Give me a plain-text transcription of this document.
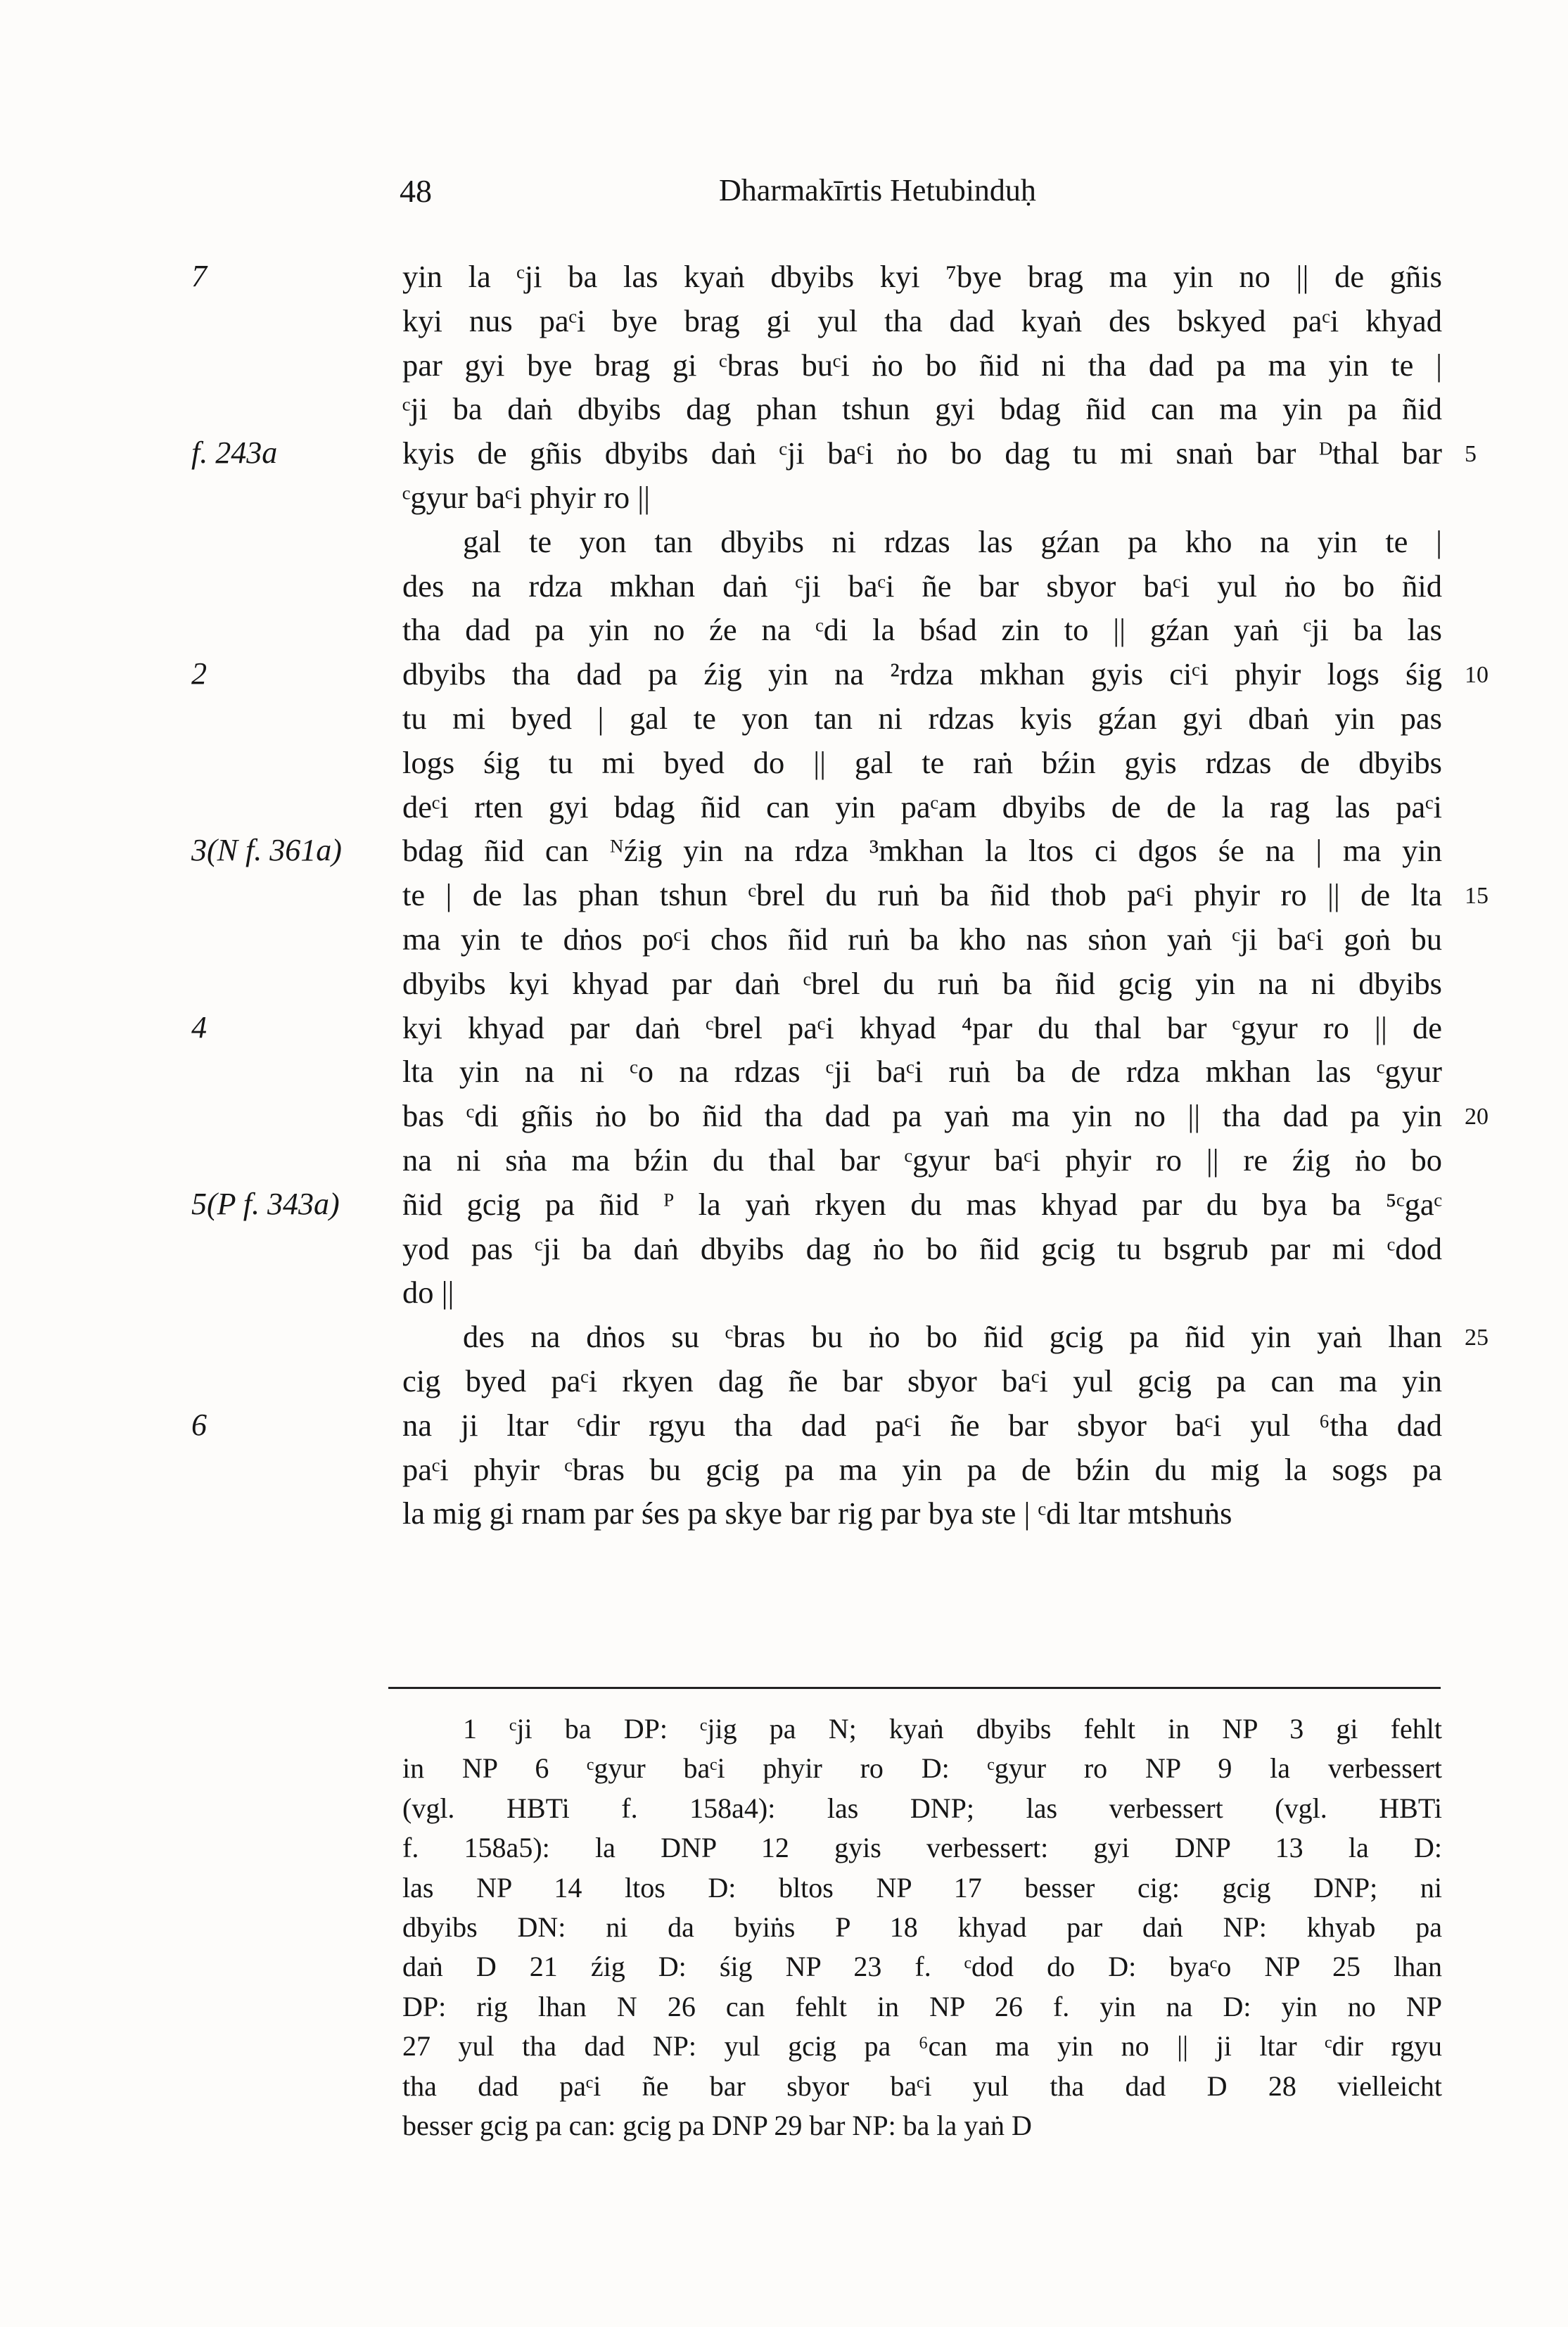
48	Dharmakīrtis Hetubinduḥ
7	yin la ᶜji ba las kyaṅ dbyibs kyi ⁷bye brag ma yin no || de gñis
kyi nus paᶜi bye brag gi yul tha dad kyaṅ des bskyed paᶜi khyad
par gyi bye brag gi ᶜbras buᶜi ṅo bo ñid ni tha dad pa ma yin te |
ᶜji ba daṅ dbyibs dag phan tshun gyi bdag ñid can ma yin pa ñid
f. 243a	kyis de gñis dbyibs daṅ ᶜji baᶜi ṅo bo dag tu mi snaṅ bar ᴰthal bar 5
ᶜgyur baᶜi phyir ro ||
gal te yon tan dbyibs ni rdzas las gźan pa kho na yin te |
des na rdza mkhan daṅ ᶜji baᶜi ñe bar sbyor baᶜi yul ṅo bo ñid
tha dad pa yin no źe na ᶜdi la bśad zin to || gźan yaṅ ᶜji ba las
2	dbyibs tha dad pa źig yin na ²rdza mkhan gyis ciᶜi phyir logs śig 10
tu mi byed | gal te yon tan ni rdzas kyis gźan gyi dbaṅ yin pas
logs śig tu mi byed do || gal te raṅ bźin gyis rdzas de dbyibs
deᶜi rten gyi bdag ñid can yin paᶜam dbyibs de de la rag las paᶜi
3(N f. 361a) bdag ñid can ᴺźig yin na rdza ³mkhan la ltos ci dgos śe na | ma yin
te | de las phan tshun ᶜbrel du ruṅ ba ñid thob paᶜi phyir ro || de lta 15
ma yin te dṅos poᶜi chos ñid ruṅ ba kho nas sṅon yaṅ ᶜji baᶜi goṅ bu
dbyibs kyi khyad par daṅ ᶜbrel du ruṅ ba ñid gcig yin na ni dbyibs
4	kyi khyad par daṅ ᶜbrel paᶜi khyad ⁴par du thal bar ᶜgyur ro || de
lta yin na ni ᶜo na rdzas ᶜji baᶜi ruṅ ba de rdza mkhan las ᶜgyur
bas ᶜdi gñis ṅo bo ñid tha dad pa yaṅ ma yin no || tha dad pa yin 20
na ni sṅa ma bźin du thal bar ᶜgyur baᶜi phyir ro || re źig ṅo bo
5(P f. 343a) ñid gcig pa ñid ᴾ la yaṅ rkyen du mas khyad par du bya ba ⁵ᶜgaᶜ
yod pas ᶜji ba daṅ dbyibs dag ṅo bo ñid gcig tu bsgrub par mi ᶜdod
do ||
des na dṅos su ᶜbras bu ṅo bo ñid gcig pa ñid yin yaṅ lhan 25
cig byed paᶜi rkyen dag ñe bar sbyor baᶜi yul gcig pa can ma yin
6	na ji ltar ᶜdir rgyu tha dad paᶜi ñe bar sbyor baᶜi yul ⁶tha dad
paᶜi phyir ᶜbras bu gcig pa ma yin pa de bźin du mig la sogs pa
la mig gi rnam par śes pa skye bar rig par bya ste | ᶜdi ltar mtshuṅs
1 ᶜji ba DP: ᶜjig pa N; kyaṅ dbyibs fehlt in NP 3 gi fehlt
in NP 6 ᶜgyur baᶜi phyir ro D: ᶜgyur ro NP 9 la verbessert
(vgl. HBTi f. 158a4): las DNP; las verbessert (vgl. HBTi
f. 158a5): la DNP 12 gyis verbessert: gyi DNP 13 la D:
las NP 14 ltos D: bltos NP 17 besser cig: gcig DNP; ni
dbyibs DN: ni da byiṅs P 18 khyad par daṅ NP: khyab pa
daṅ D 21 źig D: śig NP 23 f. ᶜdod do D: byaᶜo NP 25 lhan
DP: rig lhan N 26 can fehlt in NP 26 f. yin na D: yin no NP
27 yul tha dad NP: yul gcig pa ⁶can ma yin no || ji ltar ᶜdir rgyu
tha dad paᶜi ñe bar sbyor baᶜi yul tha dad D 28 vielleicht
besser gcig pa can: gcig pa DNP 29 bar NP: ba la yaṅ D
